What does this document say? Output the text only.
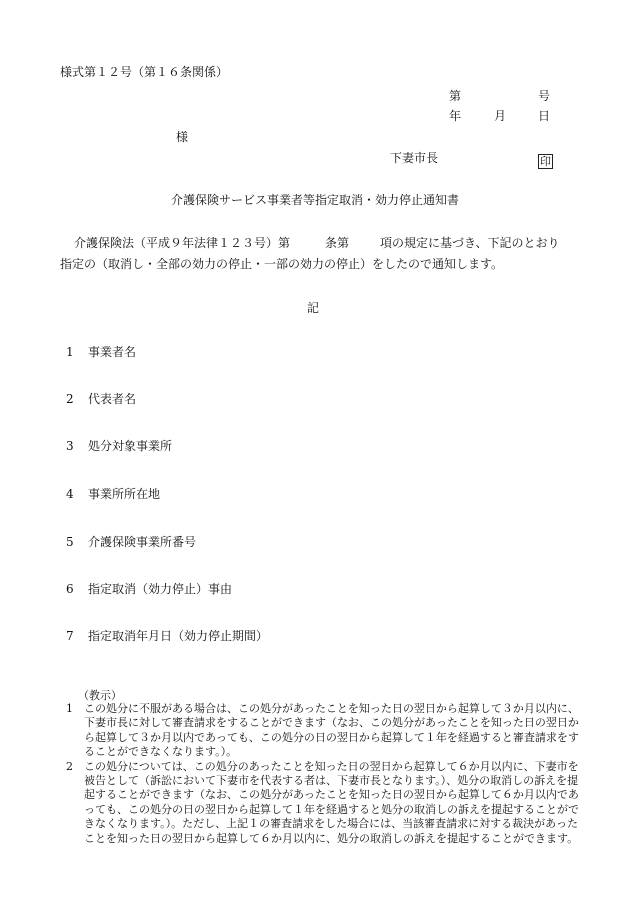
様式第１２号（第１６条関係）
第	号
年	月	日
様
下妻市長	印
介護保険サービス事業者等指定取消・効力停止通知書
介護保険法（平成９年法律１２３号）第	条第	項の規定に基づき、下記のとおり
指定の（取消し・全部の効力の停止・一部の効力の停止）をしたので通知します。
記
1 事業者名
2 代表者名
3 処分対象事業所
4 事業所所在地
5 介護保険事業所番号
6 指定取消（効力停止）事由
7 指定取消年月日（効力停止期間）
（教示）
1	この処分に不服がある場合は、この処分があったことを知った日の翌日から起算して３か月以内に、下妻市長に対して審査請求をすることができます（なお、この処分があったことを知った日の翌日から起算して３か月以内であっても、この処分の日の翌日から起算して１年を経過すると審査請求をすることができなくなります。）。
2	この処分については、この処分のあったことを知った日の翌日から起算して６か月以内に、下妻市を被告として（訴訟において下妻市を代表する者は、下妻市長となります。）、処分の取消しの訴えを提起することができます（なお、この処分があったことを知った日の翌日から起算して６か月以内であっても、この処分の日の翌日から起算して１年を経過すると処分の取消しの訴えを提起することができなくなります。）。ただし、上記１の審査請求をした場合には、当該審査請求に対する裁決があったことを知った日の翌日から起算して６か月以内に、処分の取消しの訴えを提起することができます。
